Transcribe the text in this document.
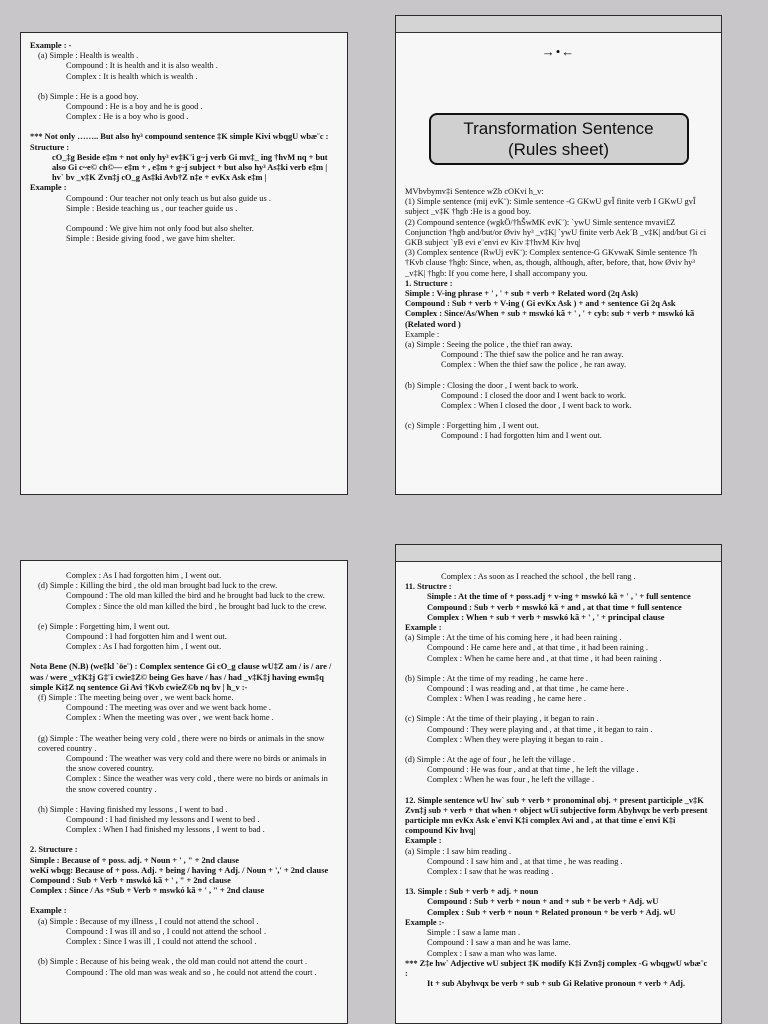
Example : -
(a) Simple : Health is wealth .
Compound : It is health and it is also wealth .
Complex : It is health which is wealth .
(b) Simple : He is a good boy.
Compound : He is a boy and he is good .
Complex : He is a boy who is good .
*** Not only …….. But also hy³ compound sentence ‡K simple Kivi wbqgU wbæ¨c :
Structure :
cO_‡g Beside e‡m + not only hy³ ev‡K¨i g~j verb Gi mv‡_ ing †hvM nq + but also Gi c~e© ch©— e‡m + , e‡m + g~j subject + but also hy³ As‡ki verb e‡m | hv` bv _v‡K Zvn‡j cO_g As‡ki Avb†Z n‡e + evKx Ask e‡m |
Example :
Compound : Our teacher not only teach us but also guide us .
Simple : Beside teaching us , our teacher guide us .
Compound : We give him not only food but also shelter.
Simple : Beside giving food , we gave him shelter.
→•←
Transformation Sentence
(Rules sheet)
MVbvbymv‡i Sentence wZb cOKvi h_v:
(1) Simple sentence (mij evK¨): Simle sentence -G GKwU gvÎ finite verb I GKwU gvÎ subject _v‡K †hgb :He is a good boy.
(2) Compound sentence (wgkÖ/†hŠwMK evK¨): `ywU Simle sentence mvavi£Z Conjunction †hgb and/but/or Øviv hy³ _v‡K| `ywU finite verb Aek´B _v‡K| and/but Gi ci GKB subject `yB evi e¨envi ev Kiv ‡†hvM Kiv hvq|
(3) Complex sentence (RwUj evK¨): Complex sentence-G GKvwaK Simle sentence †h †Kvb clause †hgb: Since, when, as, though, although, after, before, that, how Øviv hy³ _v‡K| †hgb: If you come here, I shall accompany you.
1. Structure :
Simple : V-ing phrase + ' , ' + sub + verb + Related word (2q Ask)
Compound : Sub + verb + V-ing ( Gi evKx Ask ) + and + sentence Gi 2q Ask
Complex : Since/As/When + sub + mswkó kã + ' , ' + cyb: sub + verb + mswkó kã (Related word )
Example :
(a) Simple : Seeing the police , the thief ran away.
Compound : The thief saw the police and he ran away.
Complex : When the thief saw the police , he ran away.
(b) Simple : Closing the door , I went back to work.
Compound : I closed the door and I went back to work.
Complex : When I closed the door , I went back to work.
(c) Simple : Forgetting him , I went out.
Compound : I had forgotten him and I went out.
Complex : As I had forgotten him , I went out.
(d) Simple : Killing the bird , the old man brought bad luck to the crew.
Compound : The old man killed the bird and he brought bad luck to the crew.
Complex : Since the old man killed the bird , he brought bad luck to the crew.
(e) Simple : Forgetting him, I went out.
Compound : I had forgotten him and I went out.
Complex : As I had forgotten him , I went out.
Nota Bene (N.B) (we‡kl `öe¨) : Complex sentence Gi cO_g clause wU‡Z am / is / are / was / were _v‡K‡j G‡¨i cwie‡Z© being Ges have / has / had _v‡K‡j having ewm‡q simple Ki‡Z nq sentence Gi Avi †Kvb cwieZ©b nq bv | h_v :-
(f) Simple : The meeting being over , we went back home.
Compound : The meeting was over and we went back home .
Complex : When the meeting was over , we went back home .
(g) Simple : The weather being very cold , there were no birds or animals in the snow covered country .
Compound : The weather was very cold and there were no birds or animals in the snow covered country.
Complex : Since the weather was very cold , there were no birds or animals in the snow covered country .
(h) Simple : Having finished my lessons , I went to bad .
Compound : I had finished my lessons and I went to bed .
Complex : When I had finished my lessons , I went to bad .
2. Structure :
Simple : Because of + poss. adj. + Noun + ' , " + 2nd clause
weKí wbqg: Because of + poss. Adj. + being / having + Adj. / Noun + ',' + 2nd clause
Compound : Sub + Verb + mswkó kã + ' , " + 2nd clause
Complex : Since / As +Sub + Verb + mswkó kã + ' , " + 2nd clause
Example :
(a) Simple : Because of my illness , I could not attend the school .
Compound : I was ill and so , I could not attend the school .
Complex : Since I was ill , I could not attend the school .
(b) Simple : Because of his being weak , the old man could not attend the court .
Compound : The old man was weak and so , he could not attend the court .
Complex : As soon as I reached the school , the bell rang .
11. Structre :
Simple : At the time of + poss.adj + v-ing + mswkó kã + ' , ' + full sentence
Compound : Sub + verb + mswkó kã + and , at that time + full sentence
Complex : When + sub + verb + mswkó kã + ' , ' + principal clause
Example :
(a) Simple : At the time of his coming here , it had been raining .
Compound : He came here and , at that time , it had been raining .
Complex : When he came here and , at that time , it had been raining .
(b) Simple : At the time of my reading , he came here .
Compound : I was reading and , at that time , he came here .
Complex : When I was reading , he came here .
(c) Simple : At the time of their playing , it began to rain .
Compound : They were playing and , at that time , it began to rain .
Complex : When they were playing it began to rain .
(d) Simple : At the age of four , he left the village .
Compound : He was four , and at that time , he left the village .
Complex : When he was four , he left the village .
12. Simple sentence wU hw` sub + verb + pronominal obj. + present participle _v‡K Zvn‡j sub + verb + that when + object wUi subjective form Abyhvqx be verb present participle mn evKx Ask e`envi K‡i complex Avi and , at that time e`envi K‡i compound Kiv hvq|
Example :
(a) Simple : I saw him reading .
Compound : I saw him and , at that time , he was reading .
Complex : I saw that he was reading .
13. Simple : Sub + verb + adj. + noun
Compound : Sub + verb + noun + and + sub + be verb + Adj. wU
Complex : Sub + verb + noun + Related pronoun + be verb + Adj. wU
Example :-
Simple : I saw a lame man .
Compound : I saw a man and he was lame.
Complex : I saw a man who was lame.
*** Z‡e hw` Adjective wU subject ‡K modify K‡i Zvn‡j complex -G wbqgwU wbæ¨c :
It + sub Abyhvqx be verb + sub + sub Gi Relative pronoun + verb + Adj.
